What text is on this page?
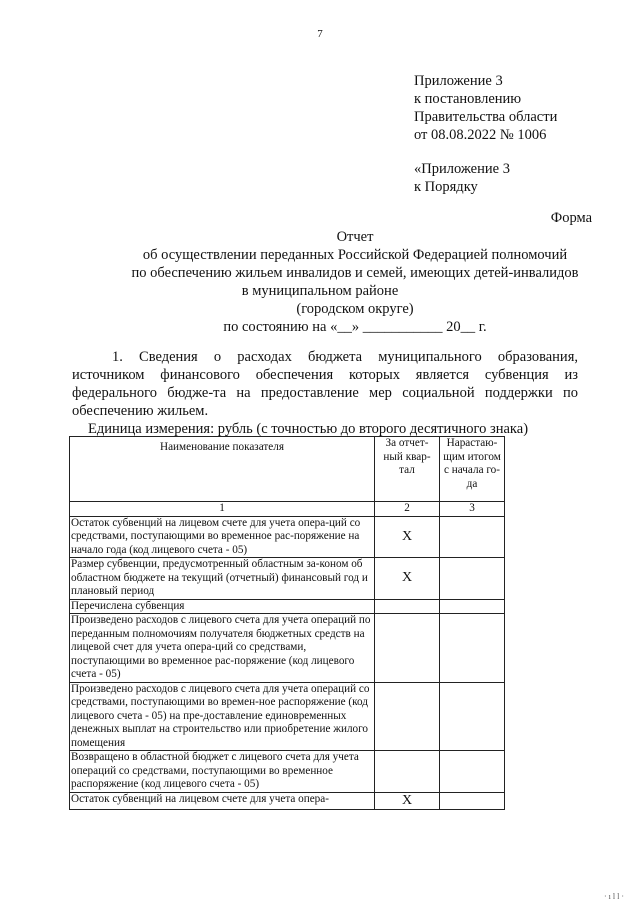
7
Приложение 3
к постановлению
Правительства области
от 08.08.2022 № 1006
«Приложение 3
к Порядку
Форма
Отчет
об осуществлении переданных Российской Федерацией полномочий
по обеспечению жильем инвалидов и семей, имеющих детей-инвалидов
в муниципальном районе
(городском округе)
по состоянию на «__» ___________ 20__ г.

1. Сведения о расходах бюджета муниципального образования, источником финансового обеспечения которых является субвенция из федерального бюдже-та на предоставление мер социальной поддержки по обеспечению жильем.

Единица измерения: рубль (с точностью до второго десятичного знака)

Наименование показателя	За отчет-ный квар-тал	Нарастаю-щим итогом с начала го-да
1	2	3
Остаток субвенций на лицевом счете для учета опера-ций со средствами, поступающими во временное рас-поряжение на начало года (код лицевого счета - 05)	X	
Размер субвенции, предусмотренный областным за-коном об областном бюджете на текущий (отчетный) финансовый год и плановый период	X	
Перечислена субвенция		
Произведено расходов с лицевого счета для учета операций по переданным полномочиям получателя бюджетных средств на лицевой счет для учета опера-ций со средствами, поступающими во временное рас-поряжение (код лицевого счета - 05)		
Произведено расходов с лицевого счета для учета операций со средствами, поступающими во времен-ное распоряжение (код лицевого счета - 05) на пре-доставление единовременных денежных выплат на строительство или приобретение жилого помещения		
Возвращено в областной бюджет с лицевого счета для учета операций со средствами, поступающими во временное распоряжение (код лицевого счета - 05)		
Остаток субвенций на лицевом счете для учета опера-	X	
·ıll·
